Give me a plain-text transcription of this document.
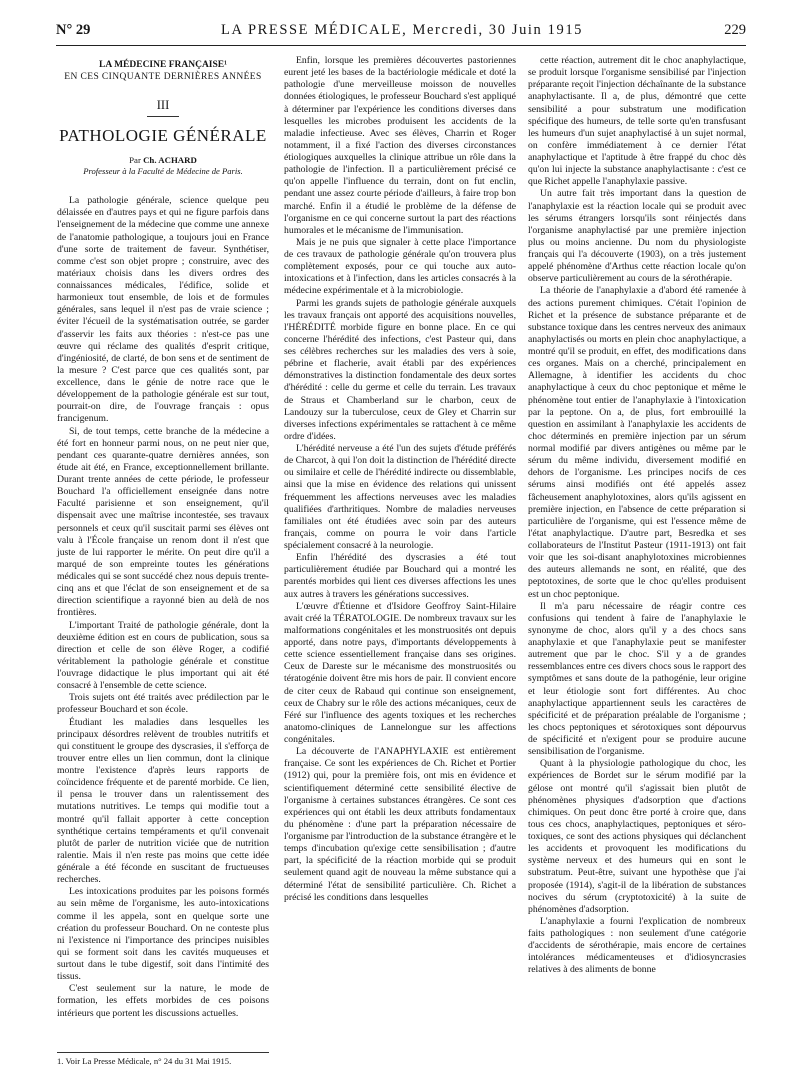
N° 29	LA PRESSE MÉDICALE, Mercredi, 30 Juin 1915	229
LA MÉDECINE FRANÇAISE¹
EN CES CINQUANTE DERNIÈRES ANNÉES
III
PATHOLOGIE GÉNÉRALE
Par Ch. ACHARD
Professeur à la Faculté de Médecine de Paris.

La pathologie générale, science quelque peu délaissée en d'autres pays et qui ne figure parfois dans l'enseignement de la médecine que comme une annexe de l'anatomie pathologique, a toujours joui en France d'une sorte de traitement de faveur. Synthétiser, comme c'est son objet propre ; construire, avec des matériaux choisis dans les divers ordres des connaissances médicales, l'édifice, solide et harmonieux tout ensemble, de lois et de formules générales, sans lequel il n'est pas de vraie science ; éviter l'écueil de la systématisation outrée, se garder d'asservir les faits aux théories : n'est-ce pas une œuvre qui réclame des qualités d'esprit critique, d'ingéniosité, de clarté, de bon sens et de sentiment de la mesure ? C'est parce que ces qualités sont, par excellence, dans le génie de notre race que le développement de la pathologie générale est sur tout, pourrait-on dire, de l'ouvrage français : opus francigenum.

Si, de tout temps, cette branche de la médecine a été fort en honneur parmi nous, on ne peut nier que, pendant ces quarante-quatre dernières années, son étude ait été, en France, exceptionnellement brillante. Durant trente années de cette période, le professeur Bouchard l'a officiellement enseignée dans notre Faculté parisienne et son enseignement, qu'il dispensait avec une maîtrise incontestée, ses travaux personnels et ceux qu'il suscitait parmi ses élèves ont valu à l'École française un renom dont il n'est que juste de lui rapporter le mérite. On peut dire qu'il a marqué de son empreinte toutes les générations médicales qui se sont succédé chez nous depuis trente-cinq ans et que l'éclat de son enseignement et de sa direction scientifique a rayonné bien au delà de nos frontières.

L'important Traité de pathologie générale, dont la deuxième édition est en cours de publication, sous sa direction et celle de son élève Roger, a codifié véritablement la pathologie générale et constitue l'ouvrage didactique le plus important qui ait été consacré à l'ensemble de cette science.

Trois sujets ont été traités avec prédilection par le professeur Bouchard et son école.

Étudiant les maladies dans lesquelles les principaux désordres relèvent de troubles nutritifs et qui constituent le groupe des dyscrasies, il s'efforça de trouver entre elles un lien commun, dont la clinique montre l'existence d'après leurs rapports de coïncidence fréquente et de parenté morbide. Ce lien, il pensa le trouver dans un ralentissement des mutations nutritives. Le temps qui modifie tout a montré qu'il fallait apporter à cette conception synthétique certains tempéraments et qu'il convenait plutôt de parler de nutrition viciée que de nutrition ralentie. Mais il n'en reste pas moins que cette idée générale a été féconde en suscitant de fructueuses recherches.

Les intoxications produites par les poisons formés au sein même de l'organisme, les auto-intoxications comme il les appela, sont en quelque sorte une création du professeur Bouchard. On ne conteste plus ni l'existence ni l'importance des principes nuisibles qui se forment soit dans les cavités muqueuses et surtout dans le tube digestif, soit dans l'intimité des tissus.

C'est seulement sur la nature, le mode de formation, les effets morbides de ces poisons intérieurs que portent les discussions actuelles.

Enfin, lorsque les premières découvertes pastoriennes eurent jeté les bases de la bactériologie médicale et doté la pathologie d'une merveilleuse moisson de nouvelles données étiologiques, le professeur Bouchard s'est appliqué à déterminer par l'expérience les conditions diverses dans lesquelles les microbes produisent les accidents de la maladie infectieuse. Avec ses élèves, Charrin et Roger notamment, il a fixé l'action des diverses circonstances étiologiques auxquelles la clinique attribue un rôle dans la pathologie de l'infection. Il a particulièrement précisé ce qu'on appelle l'influence du terrain, dont on fut enclin, pendant une assez courte période d'ailleurs, à faire trop bon marché. Enfin il a étudié le problème de la défense de l'organisme en ce qui concerne surtout la part des réactions humorales et le mécanisme de l'immunisation.

Mais je ne puis que signaler à cette place l'importance de ces travaux de pathologie générale qu'on trouvera plus complètement exposés, pour ce qui touche aux auto-intoxications et à l'infection, dans les articles consacrés à la médecine expérimentale et à la microbiologie.

Parmi les grands sujets de pathologie générale auxquels les travaux français ont apporté des acquisitions nouvelles, l'HÉRÉDITÉ morbide figure en bonne place. En ce qui concerne l'hérédité des infections, c'est Pasteur qui, dans ses célèbres recherches sur les maladies des vers à soie, pébrine et flacherie, avait établi par des expériences démonstratives la distinction fondamentale des deux sortes d'hérédité : celle du germe et celle du terrain. Les travaux de Straus et Chamberland sur le charbon, ceux de Landouzy sur la tuberculose, ceux de Gley et Charrin sur diverses infections expérimentales se rattachent à ce même ordre d'idées.

L'hérédité nerveuse a été l'un des sujets d'étude préférés de Charcot, à qui l'on doit la distinction de l'hérédité directe ou similaire et celle de l'hérédité indirecte ou dissemblable, ainsi que la mise en évidence des relations qui unissent fréquemment les affections nerveuses avec les maladies qualifiées d'arthritiques. Nombre de maladies nerveuses familiales ont été étudiées avec soin par des auteurs français, comme on pourra le voir dans l'article spécialement consacré à la neurologie.

Enfin l'hérédité des dyscrasies a été tout particulièrement étudiée par Bouchard qui a montré les parentés morbides qui lient ces diverses affections les unes aux autres à travers les générations successives.

L'œuvre d'Étienne et d'Isidore Geoffroy Saint-Hilaire avait créé la TÉRATOLOGIE. De nombreux travaux sur les malformations congénitales et les monstruosités ont depuis apporté, dans notre pays, d'importants développements à cette science essentiellement française dans ses origines. Ceux de Dareste sur le mécanisme des monstruosités ou tératogénie doivent être mis hors de pair. Il convient encore de citer ceux de Rabaud qui continue son enseignement, ceux de Chabry sur le rôle des actions mécaniques, ceux de Féré sur l'influence des agents toxiques et les recherches anatomo-cliniques de Lannelongue sur les affections congénitales.

La découverte de l'ANAPHYLAXIE est entièrement française. Ce sont les expériences de Ch. Richet et Portier (1912) qui, pour la première fois, ont mis en évidence et scientifiquement déterminé cette sensibilité élective de l'organisme à certaines substances étrangères. Ce sont ces expériences qui ont établi les deux attributs fondamentaux du phénomène : d'une part la préparation nécessaire de l'organisme par l'introduction de la substance étrangère et le temps d'incubation qu'exige cette sensibilisation ; d'autre part, la spécificité de la réaction morbide qui se produit seulement quand agit de nouveau la même substance qui a déterminé l'état de sensibilité particulière. Ch. Richet a précisé les conditions dans lesquelles

cette réaction, autrement dit le choc anaphylactique, se produit lorsque l'organisme sensibilisé par l'injection préparante reçoit l'injection déchaînante de la substance anaphylactisante. Il a, de plus, démontré que cette sensibilité a pour substratum une modification spécifique des humeurs, de telle sorte qu'en transfusant les humeurs d'un sujet anaphylactisé à un sujet normal, on confère immédiatement à ce dernier l'état anaphylactique et l'aptitude à être frappé du choc dès qu'on lui injecte la substance anaphylactisante : c'est ce que Richet appelle l'anaphylaxie passive.

Un autre fait très important dans la question de l'anaphylaxie est la réaction locale qui se produit avec les sérums étrangers lorsqu'ils sont réinjectés dans l'organisme anaphylactisé par une première injection plus ou moins ancienne. Du nom du physiologiste français qui l'a découverte (1903), on a très justement appelé phénomène d'Arthus cette réaction locale qu'on observe particulièrement au cours de la sérothérapie.

La théorie de l'anaphylaxie a d'abord été ramenée à des actions purement chimiques. C'était l'opinion de Richet et la présence de substance préparante et de substance toxique dans les centres nerveux des animaux anaphylactisés ou morts en plein choc anaphylactique, a montré qu'il se produit, en effet, des modifications dans ces organes. Mais on a cherché, principalement en Allemagne, à identifier les accidents du choc anaphylactique à ceux du choc peptonique et même le phénomène tout entier de l'anaphylaxie à l'intoxication par la peptone. On a, de plus, fort embrouillé la question en assimilant à l'anaphylaxie les accidents de choc déterminés en première injection par un sérum normal modifié par divers antigènes ou même par le sérum du même individu, diversement modifié en dehors de l'organisme. Les principes nocifs de ces sérums ainsi modifiés ont été appelés assez fâcheusement anaphylotoxines, alors qu'ils agissent en première injection, en l'absence de cette préparation si particulière de l'organisme, qui est l'essence même de l'état anaphylactique. D'autre part, Besredka et ses collaborateurs de l'Institut Pasteur (1911-1913) ont fait voir que les soi-disant anaphylotoxines microbiennes des auteurs allemands ne sont, en réalité, que des peptotoxines, de sorte que le choc qu'elles produisent est un choc peptonique.

Il m'a paru nécessaire de réagir contre ces confusions qui tendent à faire de l'anaphylaxie le synonyme de choc, alors qu'il y a des chocs sans anaphylaxie et que l'anaphylaxie peut se manifester autrement que par le choc. S'il y a de grandes ressemblances entre ces divers chocs sous le rapport des symptômes et sans doute de la pathogénie, leur origine et leur étiologie sont fort différentes. Au choc anaphylactique appartiennent seuls les caractères de spécificité et de préparation préalable de l'organisme ; les chocs peptoniques et sérotoxiques sont dépourvus de spécificité et n'exigent pour se produire aucune sensibilisation de l'organisme.

Quant à la physiologie pathologique du choc, les expériences de Bordet sur le sérum modifié par la gélose ont montré qu'il s'agissait bien plutôt de phénomènes physiques d'adsorption que d'actions chimiques. On peut donc être porté à croire que, dans tous ces chocs, anaphylactiques, peptoniques et séro-toxiques, ce sont des actions physiques qui déclanchent les accidents et provoquent les modifications du système nerveux et des humeurs qui en sont le substratum. Peut-être, suivant une hypothèse que j'ai proposée (1914), s'agit-il de la libération de substances nocives du sérum (cryptotoxicité) à la suite de phénomènes d'adsorption.

L'anaphylaxie a fourni l'explication de nombreux faits pathologiques : non seulement d'une catégorie d'accidents de sérothérapie, mais encore de certaines intolérances médicamenteuses et d'idiosyncrasies relatives à des aliments de bonne

1. Voir La Presse Médicale, n° 24 du 31 Mai 1915.
